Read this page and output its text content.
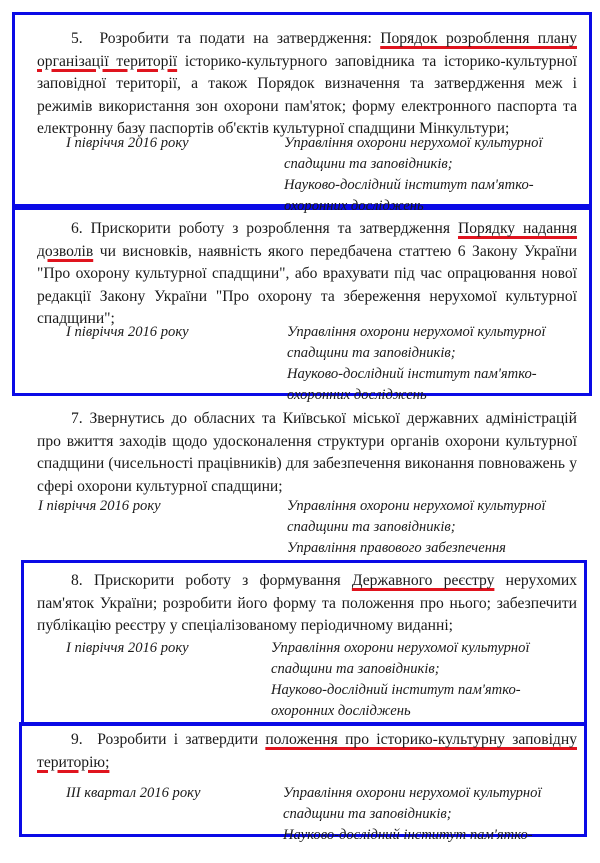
5. Розробити та подати на затвердження: Порядок розроблення плану організації території історико-культурного заповідника та історико-культурної заповідної території, а також Порядок визначення та затвердження меж і режимів використання зон охорони пам'яток; форму електронного паспорта та електронну базу паспортів об'єктів культурної спадщини Мінкультури;
I півріччя 2016 року	Управління охорони нерухомої культурної
спадщини та заповідників;
Науково-дослідний інститут пам'ятко-
охоронних досліджень
6. Прискорити роботу з розроблення та затвердження Порядку надання дозволів чи висновків, наявність якого передбачена статтею 6 Закону України "Про охорону культурної спадщини", або врахувати під час опрацювання нової редакції Закону України "Про охорону та збереження нерухомої культурної спадщини";
I півріччя 2016 року	Управління охорони нерухомої культурної
спадщини та заповідників;
Науково-дослідний інститут пам'ятко-
охоронних досліджень
7. Звернутись до обласних та Київської міської державних адміністрацій про вжиття заходів щодо удосконалення структури органів охорони культурної спадщини (чисельності працівників) для забезпечення виконання повноважень у сфері охорони культурної спадщини;
I півріччя 2016 року	Управління охорони нерухомої культурної
спадщини та заповідників;
Управління правового забезпечення
8. Прискорити роботу з формування Державного реєстру нерухомих пам'яток України; розробити його форму та положення про нього; забезпечити публікацію реєстру у спеціалізованому періодичному виданні;
I півріччя 2016 року	Управління охорони нерухомої культурної
спадщини та заповідників;
Науково-дослідний інститут пам'ятко-
охоронних досліджень
9. Розробити і затвердити положення про історико-культурну заповідну територію;
III квартал 2016 року	Управління охорони нерухомої культурної
спадщини та заповідників;
Науково-дослідний інститут пам'ятко-
